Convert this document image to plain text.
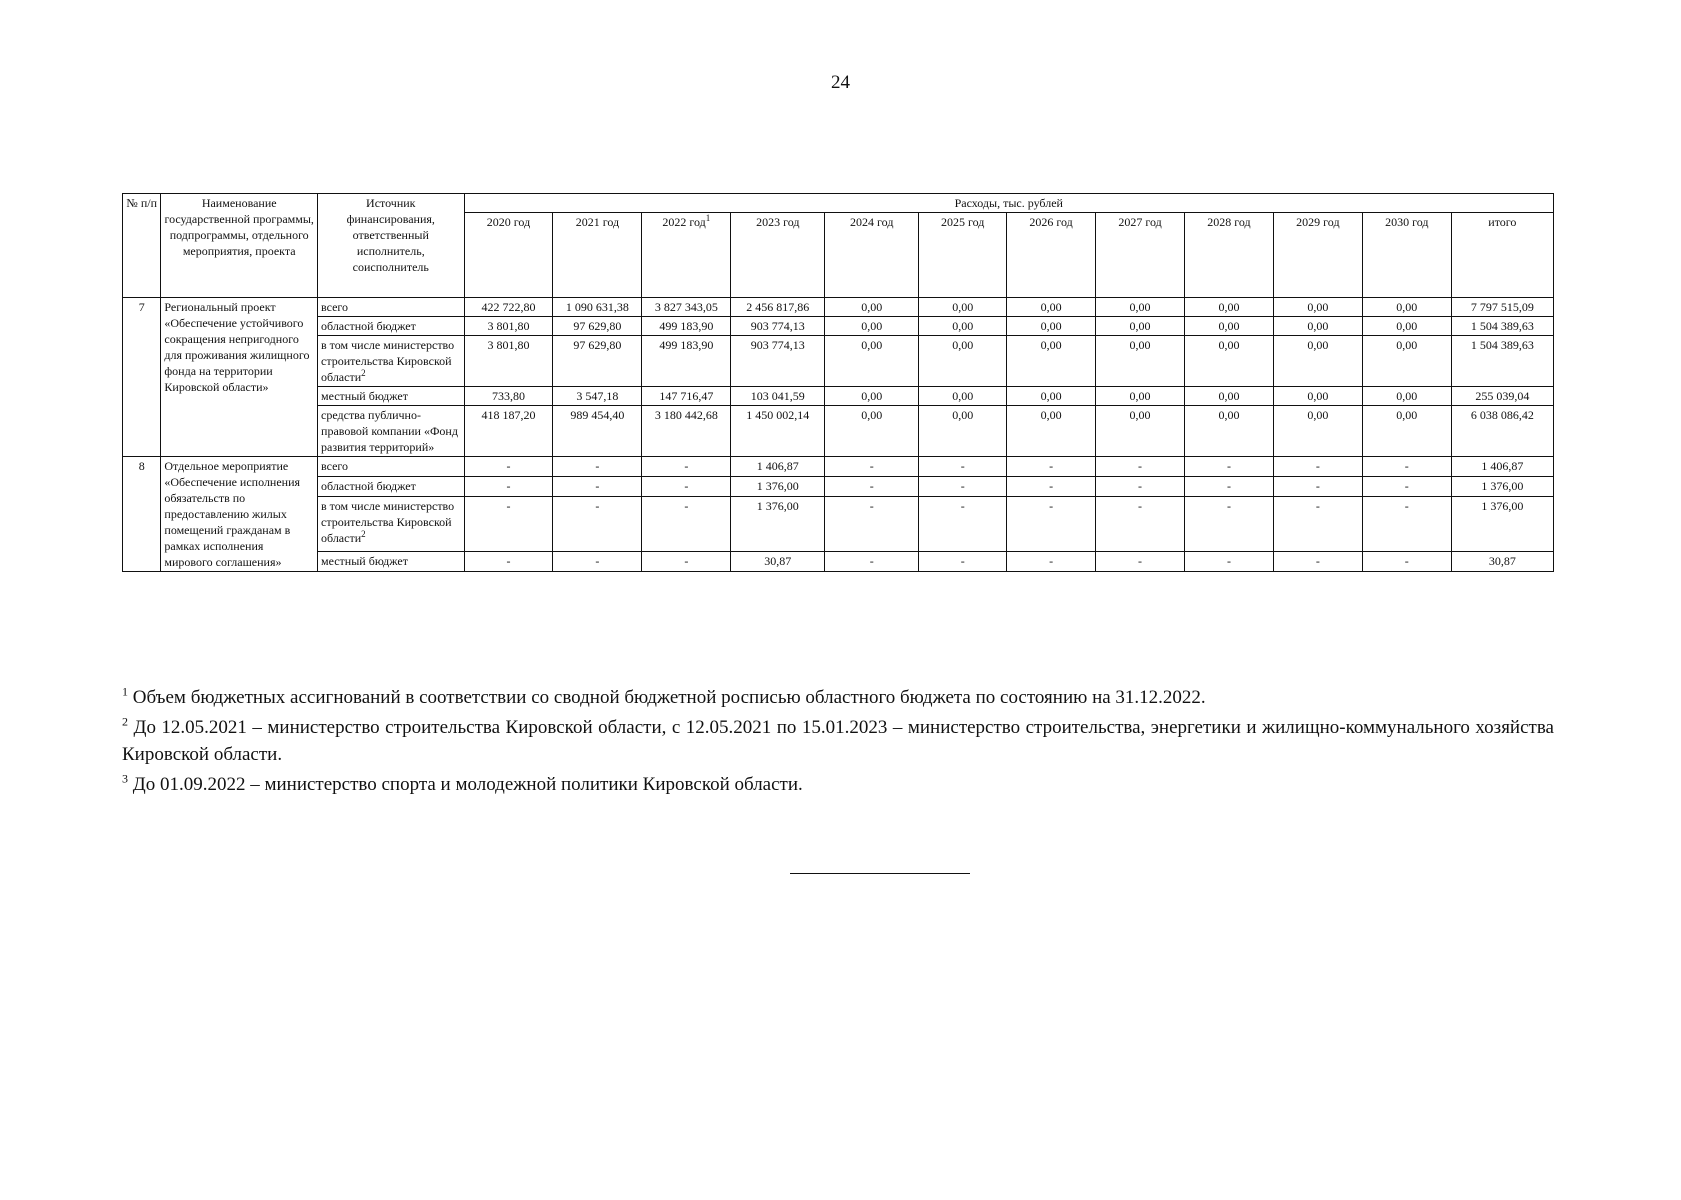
24
№ п/п	Наименование государственной программы, подпрограммы, отдельного мероприятия, проекта	Источник финансирования, ответственный исполнитель, соисполнитель	Расходы, тыс. рублей											
			2020 год	2021 год	2022 год$^1$	2023 год	2024 год	2025 год	2026 год	2027 год	2028 год	2029 год	2030 год	итого
7	Региональный проект «Обеспечение устойчивого сокращения непригодного для проживания жилищного фонда на территории Кировской области»	всего	422 722,80	1 090 631,38	3 827 343,05	2 456 817,86	0,00	0,00	0,00	0,00	0,00	0,00	0,00	7 797 515,09
		областной бюджет	3 801,80	97 629,80	499 183,90	903 774,13	0,00	0,00	0,00	0,00	0,00	0,00	0,00	1 504 389,63
		в том числе министерство строительства Кировской области$^2$	3 801,80	97 629,80	499 183,90	903 774,13	0,00	0,00	0,00	0,00	0,00	0,00	0,00	1 504 389,63
		местный бюджет	733,80	3 547,18	147 716,47	103 041,59	0,00	0,00	0,00	0,00	0,00	0,00	0,00	255 039,04
		средства публично-правовой компании «Фонд развития территорий»	418 187,20	989 454,40	3 180 442,68	1 450 002,14	0,00	0,00	0,00	0,00	0,00	0,00	0,00	6 038 086,42
8	Отдельное мероприятие «Обеспечение исполнения обязательств по предоставлению жилых помещений гражданам в рамках исполнения мирового соглашения»	всего	-	-	-	1 406,87	-	-	-	-	-	-	-	1 406,87
		областной бюджет	-	-	-	1 376,00	-	-	-	-	-	-	-	1 376,00
		в том числе министерство строительства Кировской области$^2$	-	-	-	1 376,00	-	-	-	-	-	-	-	1 376,00
		местный бюджет	-	-	-	30,87	-	-	-	-	-	-	-	30,87

$^1$ Объем бюджетных ассигнований в соответствии со сводной бюджетной росписью областного бюджета по состоянию на 31.12.2022.

$^2$ До 12.05.2021 – министерство строительства Кировской области, с 12.05.2021 по 15.01.2023 – министерство строительства, энергетики и жилищно-коммунального хозяйства Кировской области.

$^3$ До 01.09.2022 – министерство спорта и молодежной политики Кировской области.
